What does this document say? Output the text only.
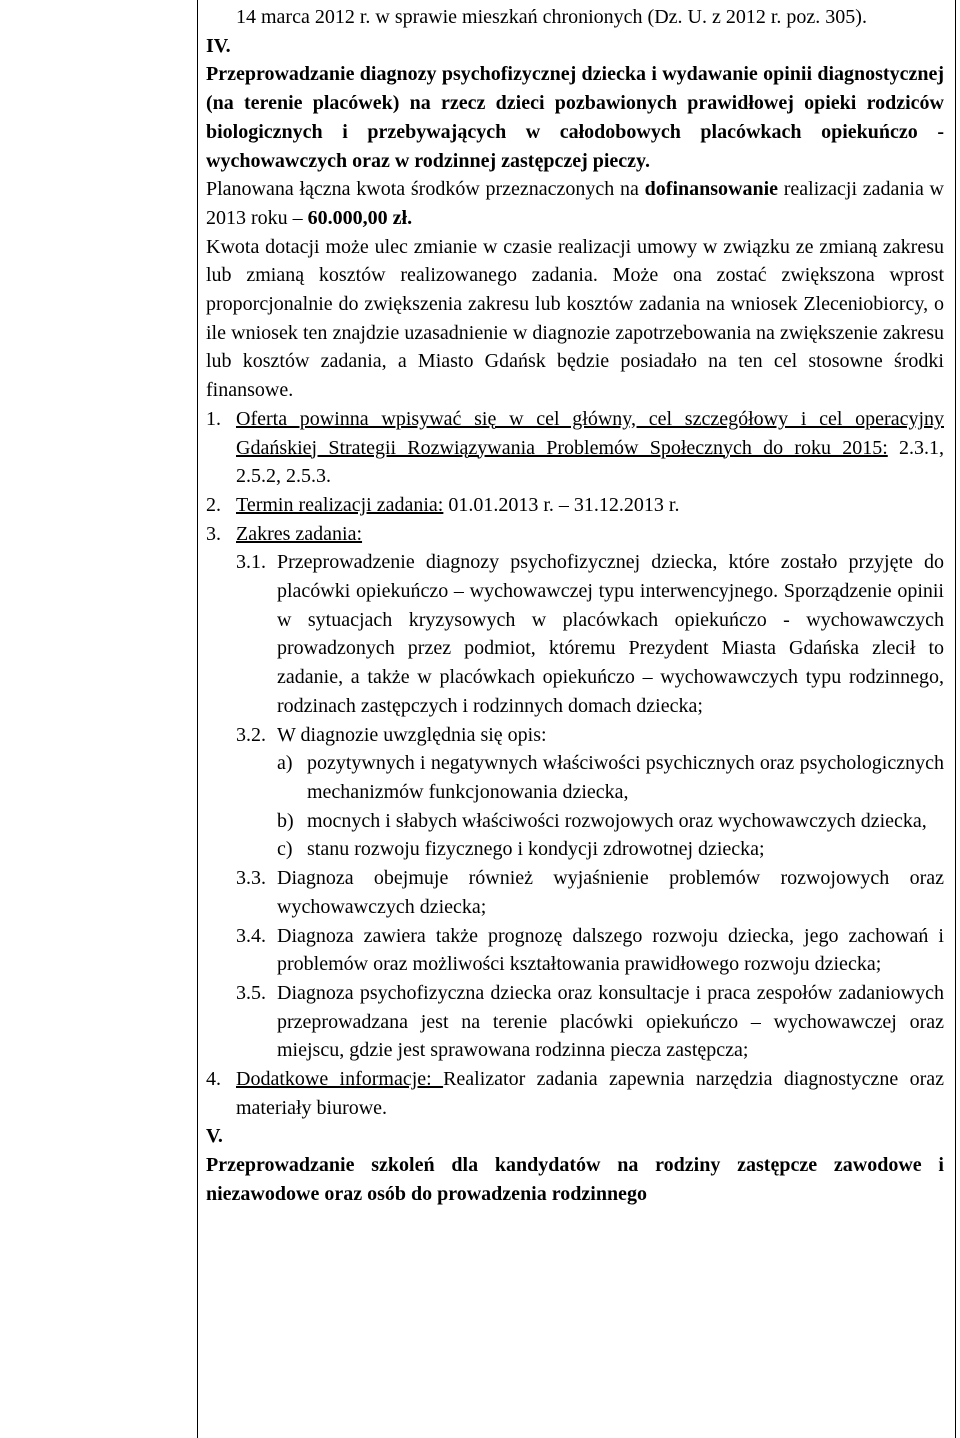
14 marca 2012 r. w sprawie mieszkań chronionych (Dz. U. z 2012 r. poz. 305).

IV.

Przeprowadzanie diagnozy psychofizycznej dziecka i wydawanie opinii diagnostycznej (na terenie placówek) na rzecz dzieci pozbawionych prawidłowej opieki rodziców biologicznych i przebywających w całodobowych placówkach opiekuńczo - wychowawczych oraz w rodzinnej zastępczej pieczy.

Planowana łączna kwota środków przeznaczonych na dofinansowanie realizacji zadania w 2013 roku – 60.000,00 zł.

Kwota dotacji może ulec zmianie w czasie realizacji umowy w związku ze zmianą zakresu lub zmianą kosztów realizowanego zadania. Może ona zostać zwiększona wprost proporcjonalnie do zwiększenia zakresu lub kosztów zadania na wniosek Zleceniobiorcy, o ile wniosek ten znajdzie uzasadnienie w diagnozie zapotrzebowania na zwiększenie zakresu lub kosztów zadania, a Miasto Gdańsk będzie posiadało na ten cel stosowne środki finansowe.

1. Oferta powinna wpisywać się w cel główny, cel szczegółowy i cel operacyjny Gdańskiej Strategii Rozwiązywania Problemów Społecznych do roku 2015: 2.3.1, 2.5.2, 2.5.3.
2. Termin realizacji zadania: 01.01.2013 r. – 31.12.2013 r.
3. Zakres zadania:
3.1. Przeprowadzenie diagnozy psychofizycznej dziecka, które zostało przyjęte do placówki opiekuńczo – wychowawczej typu interwencyjnego. Sporządzenie opinii w sytuacjach kryzysowych w placówkach opiekuńczo - wychowawczych prowadzonych przez podmiot, któremu Prezydent Miasta Gdańska zlecił to zadanie, a także w placówkach opiekuńczo – wychowawczych typu rodzinnego, rodzinach zastępczych i rodzinnych domach dziecka;
3.2. W diagnozie uwzględnia się opis:
a) pozytywnych i negatywnych właściwości psychicznych oraz psychologicznych mechanizmów funkcjonowania dziecka,
b) mocnych i słabych właściwości rozwojowych oraz wychowawczych dziecka,
c) stanu rozwoju fizycznego i kondycji zdrowotnej dziecka;
3.3. Diagnoza obejmuje również wyjaśnienie problemów rozwojowych oraz wychowawczych dziecka;
3.4. Diagnoza zawiera także prognozę dalszego rozwoju dziecka, jego zachowań i problemów oraz możliwości kształtowania prawidłowego rozwoju dziecka;
3.5. Diagnoza psychofizyczna dziecka oraz konsultacje i praca zespołów zadaniowych przeprowadzana jest na terenie placówki opiekuńczo – wychowawczej oraz miejscu, gdzie jest sprawowana rodzinna piecza zastępcza;
4. Dodatkowe informacje: Realizator zadania zapewnia narzędzia diagnostyczne oraz materiały biurowe.

V.

Przeprowadzanie szkoleń dla kandydatów na rodziny zastępcze zawodowe i niezawodowe oraz osób do prowadzenia rodzinnego
